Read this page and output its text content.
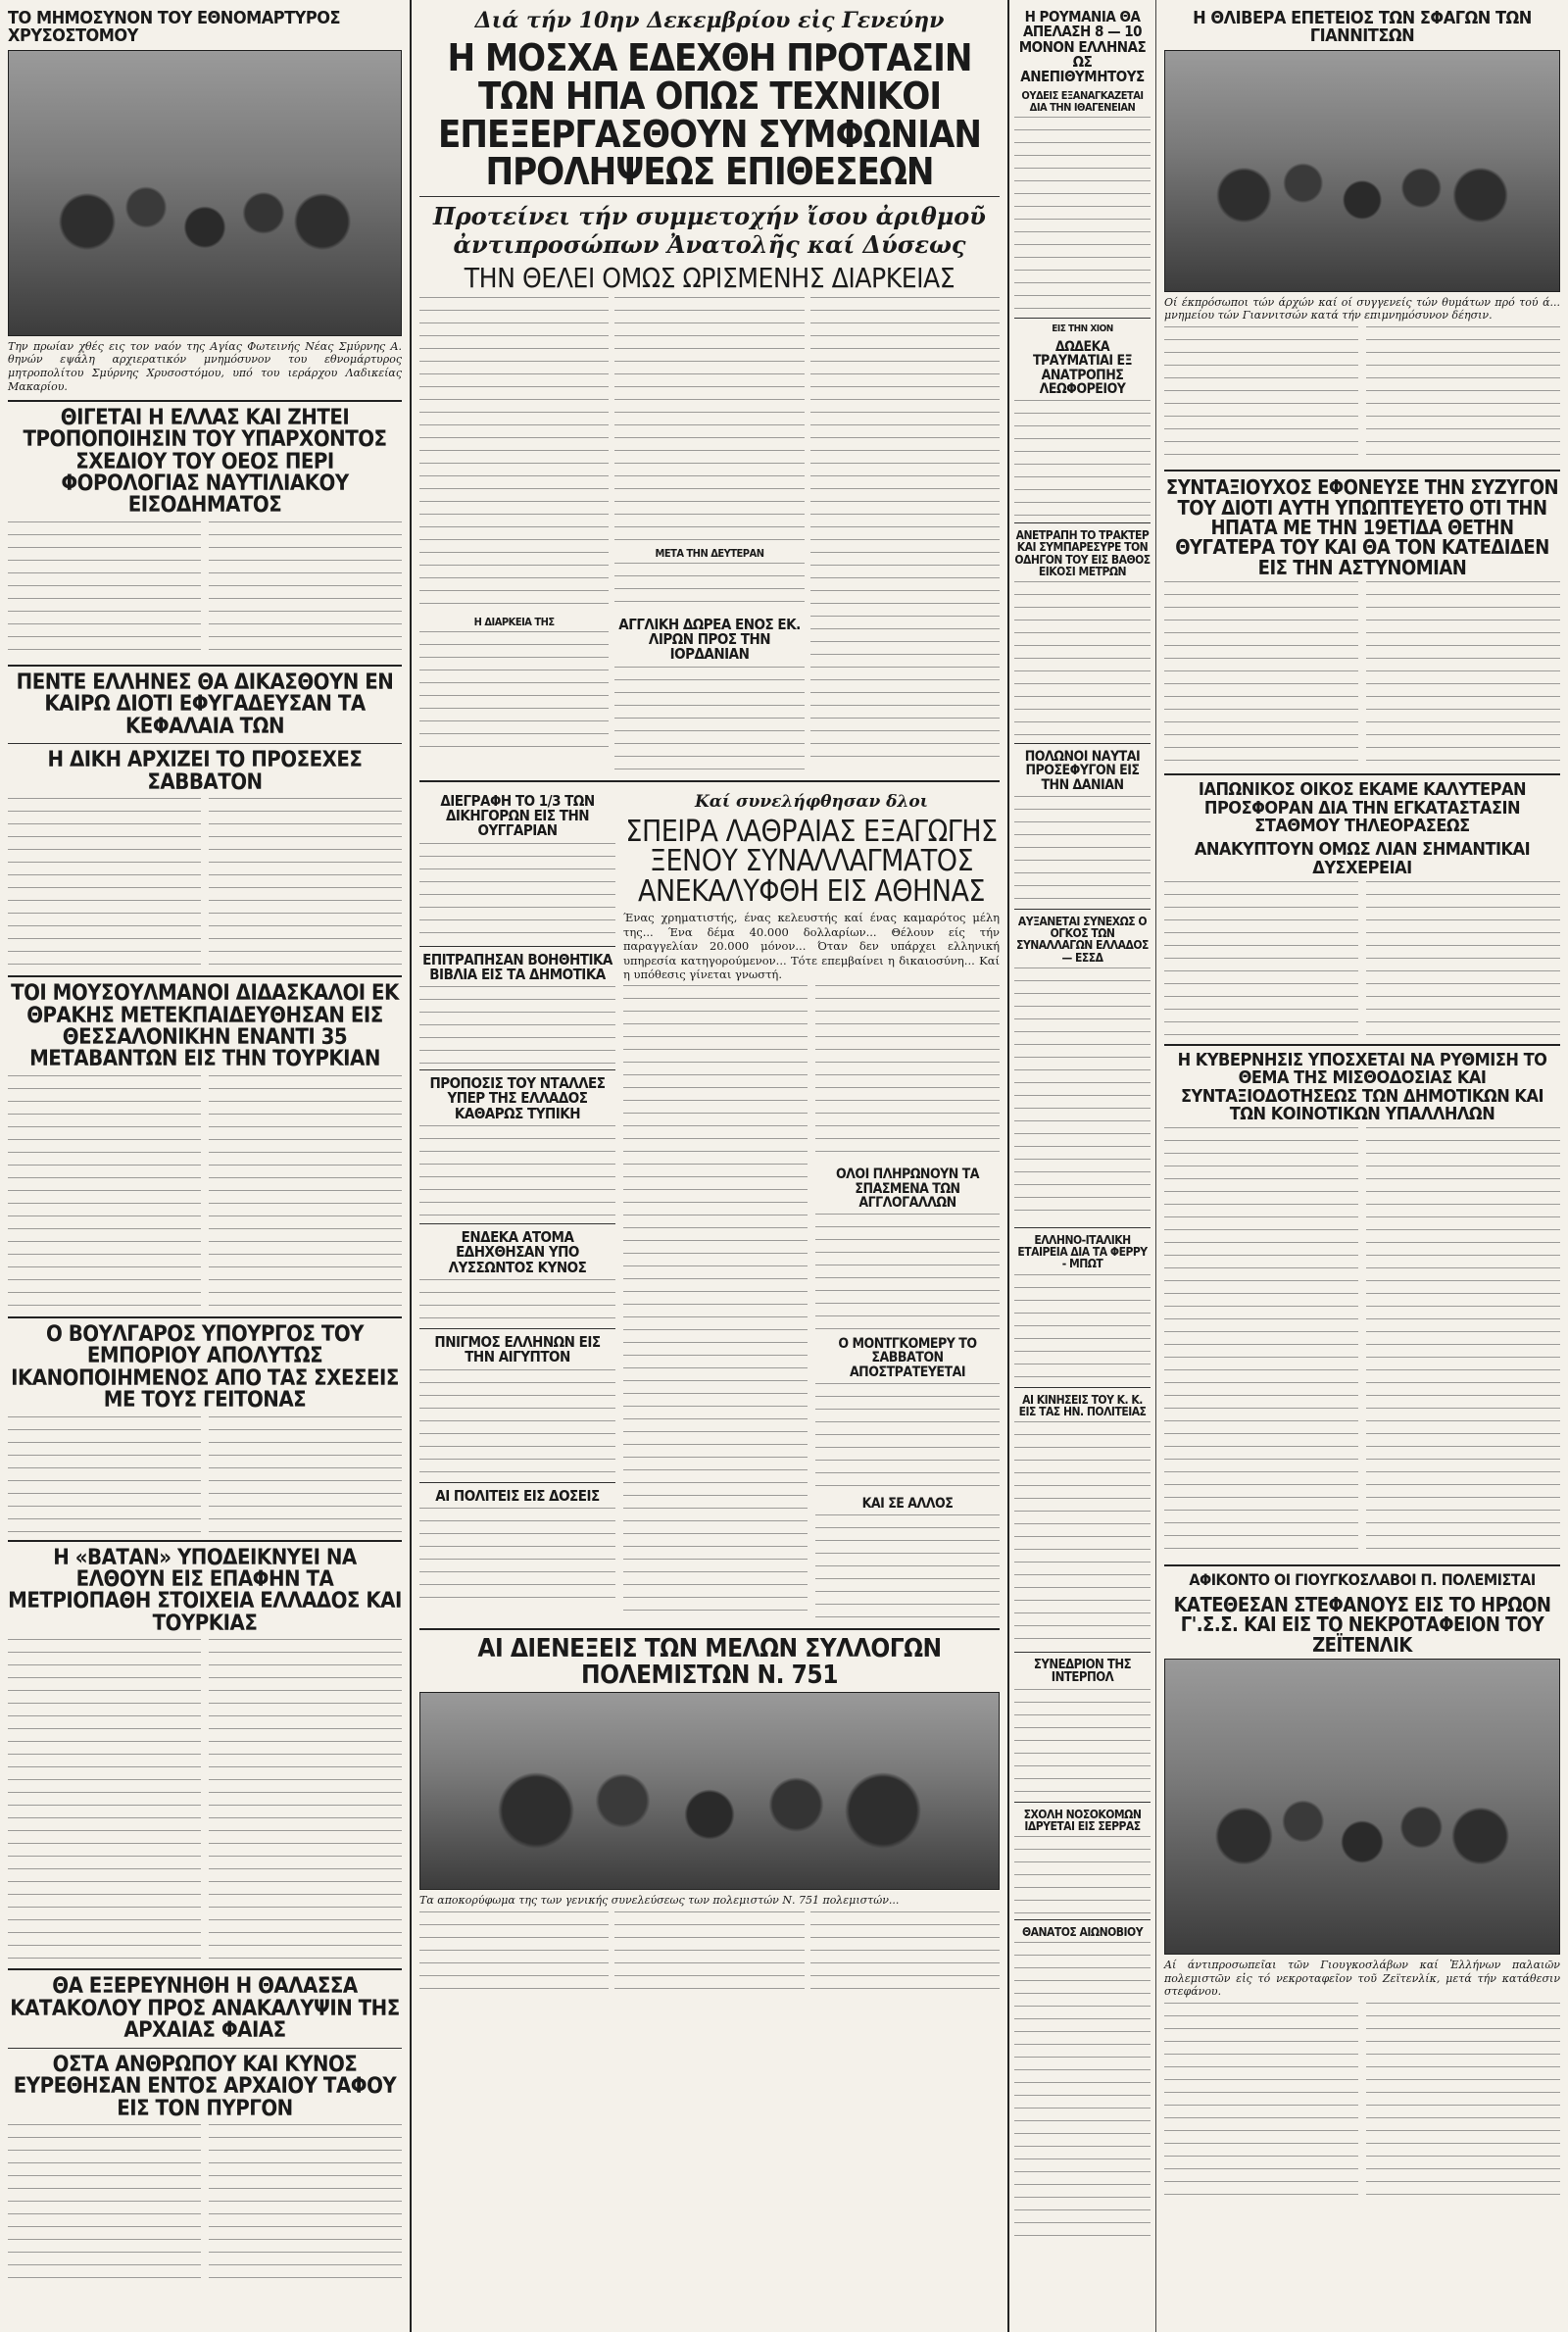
ΤΟ ΜΗΜΟΣΥΝΟΝ ΤΟΥ ΕΘΝΟΜΑΡΤΥΡΟΣ ΧΡΥΣΟΣΤΟΜΟΥ
Την πρωίαν χθές εις τον ναόν της Αγίας Φωτεινής Νέας Σμύρνης Α. θηνών εψάλη αρχιερατικόν μνημόσυνον του εθνομάρτυρος μητροπολίτου Σμύρνης Χρυσοστόμου, υπό του ιεράρχου Λαδικείας Μακαρίου.
ΘΙΓΕΤΑΙ Η ΕΛΛΑΣ ΚΑΙ ΖΗΤΕΙ ΤΡΟΠΟΠΟΙΗΣΙΝ ΤΟΥ ΥΠΑΡΧΟΝΤΟΣ ΣΧΕΔΙΟΥ ΤΟΥ ΟΕΟΣ ΠΕΡΙ ΦΟΡΟΛΟΓΙΑΣ ΝΑΥΤΙΛΙΑΚΟΥ ΕΙΣΟΔΗΜΑΤΟΣ
ΠΕΝΤΕ ΕΛΛΗΝΕΣ ΘΑ ΔΙΚΑΣΘΟΥΝ ΕΝ ΚΑΙΡΩ ΔΙΟΤΙ ΕΦΥΓΑΔΕΥΣΑΝ ΤΑ ΚΕΦΑΛΑΙΑ ΤΩΝ
Η ΔΙΚΗ ΑΡΧΙΖΕΙ ΤΟ ΠΡΟΣΕΧΕΣ ΣΑΒΒΑΤΟΝ
ΤΟΙ ΜΟΥΣΟΥΛΜΑΝΟΙ ΔΙΔΑΣΚΑΛΟΙ ΕΚ ΘΡΑΚΗΣ ΜΕΤΕΚΠΑΙΔΕΥΘΗΣΑΝ ΕΙΣ ΘΕΣΣΑΛΟΝΙΚΗΝ ΕΝΑΝΤΙ 35 ΜΕΤΑΒΑΝΤΩΝ ΕΙΣ ΤΗΝ ΤΟΥΡΚΙΑΝ
Ο ΒΟΥΛΓΑΡΟΣ ΥΠΟΥΡΓΟΣ ΤΟΥ ΕΜΠΟΡΙΟΥ ΑΠΟΛΥΤΩΣ ΙΚΑΝΟΠΟΙΗΜΕΝΟΣ ΑΠΟ ΤΑΣ ΣΧΕΣΕΙΣ ΜΕ ΤΟΥΣ ΓΕΙΤΟΝΑΣ
Η «ΒΑΤΑΝ» ΥΠΟΔΕΙΚΝΥΕΙ ΝΑ ΕΛΘΟΥΝ ΕΙΣ ΕΠΑΦΗΝ ΤΑ ΜΕΤΡΙΟΠΑΘΗ ΣΤΟΙΧΕΙΑ ΕΛΛΑΔΟΣ ΚΑΙ ΤΟΥΡΚΙΑΣ
ΘΑ ΕΞΕΡΕΥΝΗΘΗ Η ΘΑΛΑΣΣΑ ΚΑΤΑΚΟΛΟΥ ΠΡΟΣ ΑΝΑΚΑΛΥΨΙΝ ΤΗΣ ΑΡΧΑΙΑΣ ΦΑΙΑΣ
ΟΣΤΑ ΑΝΘΡΩΠΟΥ ΚΑΙ ΚΥΝΟΣ ΕΥΡΕΘΗΣΑΝ ΕΝΤΟΣ ΑΡΧΑΙΟΥ ΤΑΦΟΥ ΕΙΣ ΤΟΝ ΠΥΡΓΟΝ
Διά τήν 10ην Δεκεμβρίου εἰς Γενεύην
Η ΜΟΣΧΑ ΕΔΕΧΘΗ ΠΡΟΤΑΣΙΝ ΤΩΝ ΗΠΑ ΟΠΩΣ ΤΕΧΝΙΚΟΙ ΕΠΕΞΕΡΓΑΣΘΟΥΝ ΣΥΜΦΩΝΙΑΝ ΠΡΟΛΗΨΕΩΣ ΕΠΙΘΕΣΕΩΝ
Προτείνει τήν συμμετοχήν ἴσου ἀριθμοῦ ἀντιπροσώπων Ἀνατολῆς καί Δύσεως
ΤΗΝ ΘΕΛΕΙ ΟΜΩΣ ΩΡΙΣΜΕΝΗΣ ΔΙΑΡΚΕΙΑΣ
Η ΔΙΑΡΚΕΙΑ ΤΗΣ
ΜΕΤΑ ΤΗΝ ΔΕΥΤΕΡΑΝ
ΑΓΓΛΙΚΗ ΔΩΡΕΑ ΕΝΟΣ ΕΚ. ΛΙΡΩΝ ΠΡΟΣ ΤΗΝ ΙΟΡΔΑΝΙΑΝ
ΔΙΕΓΡΑΦΗ ΤΟ 1/3 ΤΩΝ ΔΙΚΗΓΟΡΩΝ ΕΙΣ ΤΗΝ ΟΥΓΓΑΡΙΑΝ
ΕΠΙΤΡΑΠΗΣΑΝ ΒΟΗΘΗΤΙΚΑ ΒΙΒΛΙΑ ΕΙΣ ΤΑ ΔΗΜΟΤΙΚΑ
ΠΡΟΠΟΣΙΣ ΤΟΥ ΝΤΑΛΛΕΣ ΥΠΕΡ ΤΗΣ ΕΛΛΑΔΟΣ ΚΑΘΑΡΩΣ ΤΥΠΙΚΗ
ΕΝΔΕΚΑ ΑΤΟΜΑ ΕΔΗΧΘΗΣΑΝ ΥΠΟ ΛΥΣΣΩΝΤΟΣ ΚΥΝΟΣ
ΠΝΙΓΜΟΣ ΕΛΛΗΝΩΝ ΕΙΣ ΤΗΝ ΑΙΓΥΠΤΟΝ
ΑΙ ΠΟΛΙΤΕΙΣ ΕΙΣ ΔΟΣΕΙΣ
Καί συνελήφθησαν δλοι
ΣΠΕΙΡΑ ΛΑΘΡΑΙΑΣ ΕΞΑΓΩΓΗΣ ΞΕΝΟΥ ΣΥΝΑΛΛΑΓΜΑΤΟΣ ΑΝΕΚΑΛΥΦΘΗ ΕΙΣ ΑΘΗΝΑΣ
Ένας χρηματιστής, ένας κελευστής καί ένας καμαρότος μέλη της... Ένα δέμα 40.000 δολλαρίων... Θέλουν είς τήν παραγγελίαν 20.000 μόνον... Όταν δεν υπάρχει ελληνική υπηρεσία κατηγορούμενον... Τότε επεμβαίνει η δικαιοσύνη... Καί η υπόθεσις γίνεται γνωστή.
ΟΛΟΙ ΠΛΗΡΩΝΟΥΝ ΤΑ ΣΠΑΣΜΕΝΑ ΤΩΝ ΑΓΓΛΟΓΑΛΛΩΝ
Ο ΜΟΝΤΓΚΟΜΕΡΥ ΤΟ ΣΑΒΒΑΤΟΝ ΑΠΟΣΤΡΑΤΕΥΕΤΑΙ
ΚΑΙ ΣΕ ΑΛΛΟΣ
ΑΙ ΔΙΕΝΕΞΕΙΣ ΤΩΝ ΜΕΛΩΝ ΣΥΛΛΟΓΩΝ ΠΟΛΕΜΙΣΤΩΝ Ν. 751
Τα αποκορύφωμα της των γενικής συνελεύσεως των πολεμιστών Ν. 751 πολεμιστών...
Η ΡΟΥΜΑΝΙΑ ΘΑ ΑΠΕΛΑΣΗ 8 — 10 ΜΟΝΟΝ ΕΛΛΗΝΑΣ ΩΣ ΑΝΕΠΙΘΥΜΗΤΟΥΣ
ΟΥΔΕΙΣ ΕΞΑΝΑΓΚΑΖΕΤΑΙ ΔΙΑ ΤΗΝ ΙΘΑΓΕΝΕΙΑΝ
ΕΙΣ ΤΗΝ ΧΙΟΝ
ΔΩΔΕΚΑ ΤΡΑΥΜΑΤΙΑΙ ΕΞ ΑΝΑΤΡΟΠΗΣ ΛΕΩΦΟΡΕΙΟΥ
ΑΝΕΤΡΑΠΗ ΤΟ ΤΡΑΚΤΕΡ ΚΑΙ ΣΥΜΠΑΡΕΣΥΡΕ ΤΟΝ ΟΔΗΓΟΝ ΤΟΥ ΕΙΣ ΒΑΘΟΣ ΕΙΚΟΣΙ ΜΕΤΡΩΝ
ΠΟΛΩΝΟΙ ΝΑΥΤΑΙ ΠΡΟΣΕΦΥΓΟΝ ΕΙΣ ΤΗΝ ΔΑΝΙΑΝ
ΑΥΞΑΝΕΤΑΙ ΣΥΝΕΧΩΣ Ο ΟΓΚΟΣ ΤΩΝ ΣΥΝΑΛΛΑΓΩΝ ΕΛΛΑΔΟΣ — ΕΣΣΔ
ΕΛΛΗΝΟ-ΙΤΑΛΙΚΗ ΕΤΑΙΡΕΙΑ ΔΙΑ ΤΑ ΦΕΡΡΥ - ΜΠΩΤ
ΑΙ ΚΙΝΗΣΕΙΣ ΤΟΥ Κ. Κ. ΕΙΣ ΤΑΣ ΗΝ. ΠΟΛΙΤΕΙΑΣ
ΣΥΝΕΔΡΙΟΝ ΤΗΣ ΙΝΤΕΡΠΟΛ
ΣΧΟΛΗ ΝΟΣΟΚΟΜΩΝ ΙΔΡΥΕΤΑΙ ΕΙΣ ΣΕΡΡΑΣ
ΘΑΝΑΤΟΣ ΑΙΩΝΟΒΙΟΥ
Η ΘΛΙΒΕΡΑ ΕΠΕΤΕΙΟΣ ΤΩΝ ΣΦΑΓΩΝ ΤΩΝ ΓΙΑΝΝΙΤΣΩΝ
Οί έκπρόσωποι τών άρχών καί οί συγγενείς τών θυμάτων πρό τού ά... μνημείου τών Γιαννιτσών κατά τήν επιμνημόσυνον δέησιν.
ΣΥΝΤΑΞΙΟΥΧΟΣ ΕΦΟΝΕΥΣΕ ΤΗΝ ΣΥΖΥΓΟΝ ΤΟΥ ΔΙΟΤΙ ΑΥΤΗ ΥΠΩΠΤΕΥΕΤΟ ΟΤΙ ΤΗΝ ΗΠΑΤΑ ΜΕ ΤΗΝ 19ΕΤΙΔΑ ΘΕΤΗΝ ΘΥΓΑΤΕΡΑ ΤΟΥ ΚΑΙ ΘΑ ΤΟΝ ΚΑΤΕΔΙΔΕΝ ΕΙΣ ΤΗΝ ΑΣΤΥΝΟΜΙΑΝ
ΙΑΠΩΝΙΚΟΣ ΟΙΚΟΣ ΕΚΑΜΕ ΚΑΛΥΤΕΡΑΝ ΠΡΟΣΦΟΡΑΝ ΔΙΑ ΤΗΝ ΕΓΚΑΤΑΣΤΑΣΙΝ ΣΤΑΘΜΟΥ ΤΗΛΕΟΡΑΣΕΩΣ
ΑΝΑΚΥΠΤΟΥΝ ΟΜΩΣ ΛΙΑΝ ΣΗΜΑΝΤΙΚΑΙ ΔΥΣΧΕΡΕΙΑΙ
Η ΚΥΒΕΡΝΗΣΙΣ ΥΠΟΣΧΕΤΑΙ ΝΑ ΡΥΘΜΙΣΗ ΤΟ ΘΕΜΑ ΤΗΣ ΜΙΣΘΟΔΟΣΙΑΣ ΚΑΙ ΣΥΝΤΑΞΙΟΔΟΤΗΣΕΩΣ ΤΩΝ ΔΗΜΟΤΙΚΩΝ ΚΑΙ ΤΩΝ ΚΟΙΝΟΤΙΚΩΝ ΥΠΑΛΛΗΛΩΝ
ΑΦΙΚΟΝΤΟ ΟΙ ΓΙΟΥΓΚΟΣΛΑΒΟΙ Π. ΠΟΛΕΜΙΣΤΑΙ
ΚΑΤΕΘΕΣΑΝ ΣΤΕΦΑΝΟΥΣ ΕΙΣ ΤΟ ΗΡΩΟΝ Γ'.Σ.Σ. ΚΑΙ ΕΙΣ ΤΟ ΝΕΚΡΟΤΑΦΕΙΟΝ ΤΟΥ ΖΕΪΤΕΝΛΙΚ
Αί άντιπροσωπεῖαι τῶν Γιουγκοσλάβων καί Ἑλλήνων παλαιῶν πολεμιστῶν εἰς τό νεκροταφεῖον τοῦ Ζεϊτενλίκ, μετά τήν κατάθεσιν στεφάνου.
